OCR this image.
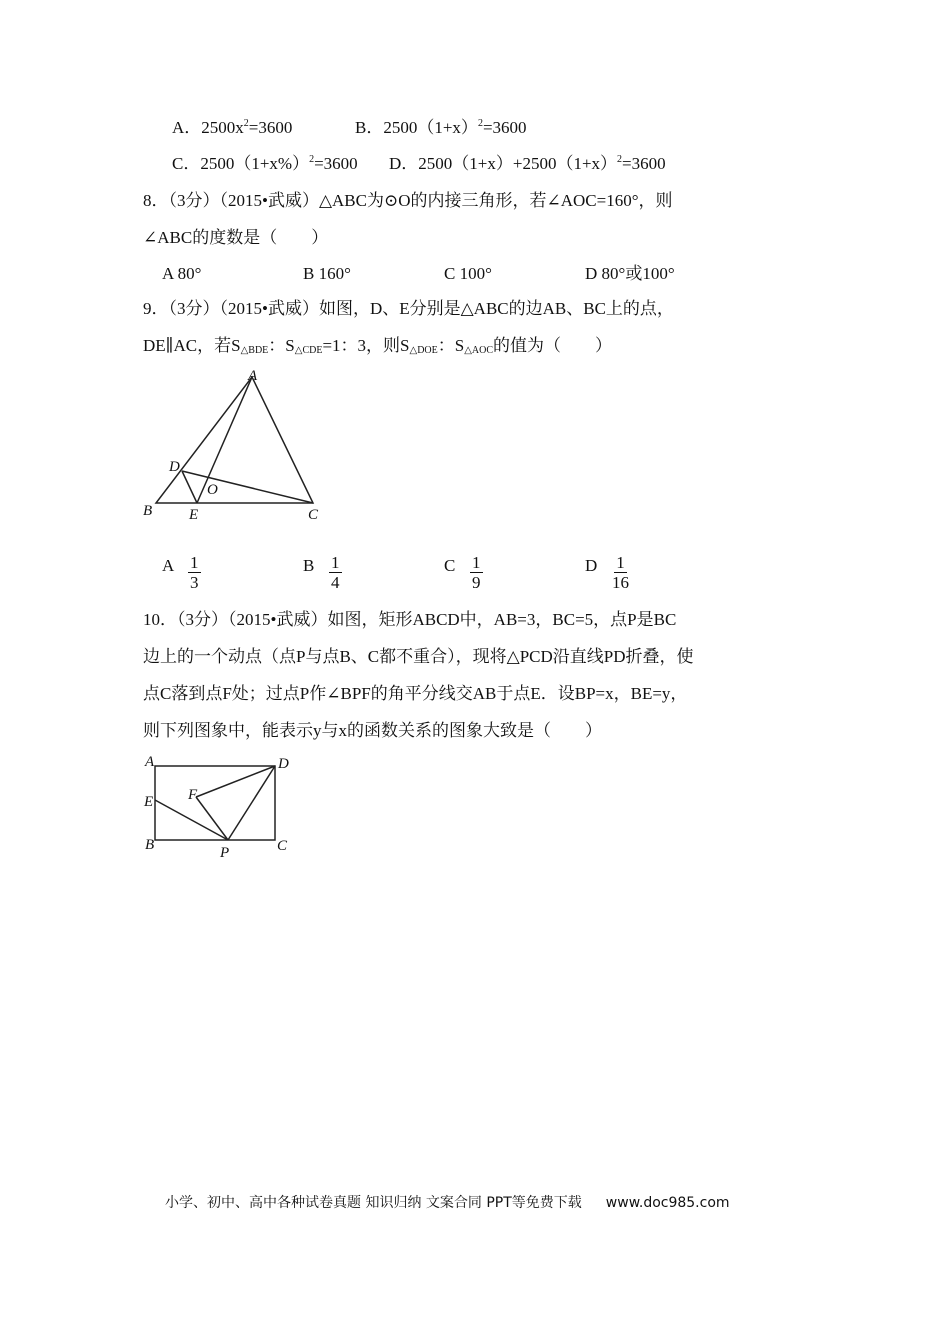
A．$2500x^2=3600$	B．$2500(1+x)^2=3600$
C．$2500(1+x\%)^2=3600$ D．$2500(1+x)+2500(1+x)^2=3600$
8．（3分）（2015•武威）△ABC为⊙O的内接三角形，若∠AOC=160°，则
∠ABC的度数是（　　）
A 80°	B 160°	C 100°	D 80°或100°
9．（3分）（2015•武威）如图，D、E分别是△ABC的边AB、BC上的点，
DE∥AC，若$S_{\triangle BDE}$：$S_{\triangle CDE}=1$：3，则$S_{\triangle DOE}$：$S_{\triangle AOC}$的值为（　　）
A
B	C
D
E
O
A
B	C
D
E F
P
A $\frac{1}{3}$	B $\frac{1}{4}$	C $\frac{1}{9}$	D $\frac{1}{16}$
10．（3分）（2015•武威）如图，矩形ABCD中，AB=3，BC=5，点P是BC
边上的一个动点（点P与点B、C都不重合），现将△PCD沿直线PD折叠，使
点C落到点F处；过点P作∠BPF的角平分线交AB于点E．设BP=x，BE=y，
则下列图象中，能表示y与x的函数关系的图象大致是（　　）
小学、初中、高中各种试卷真题 知识归纳 文案合同 PPT等免费下载 www.doc985.com
